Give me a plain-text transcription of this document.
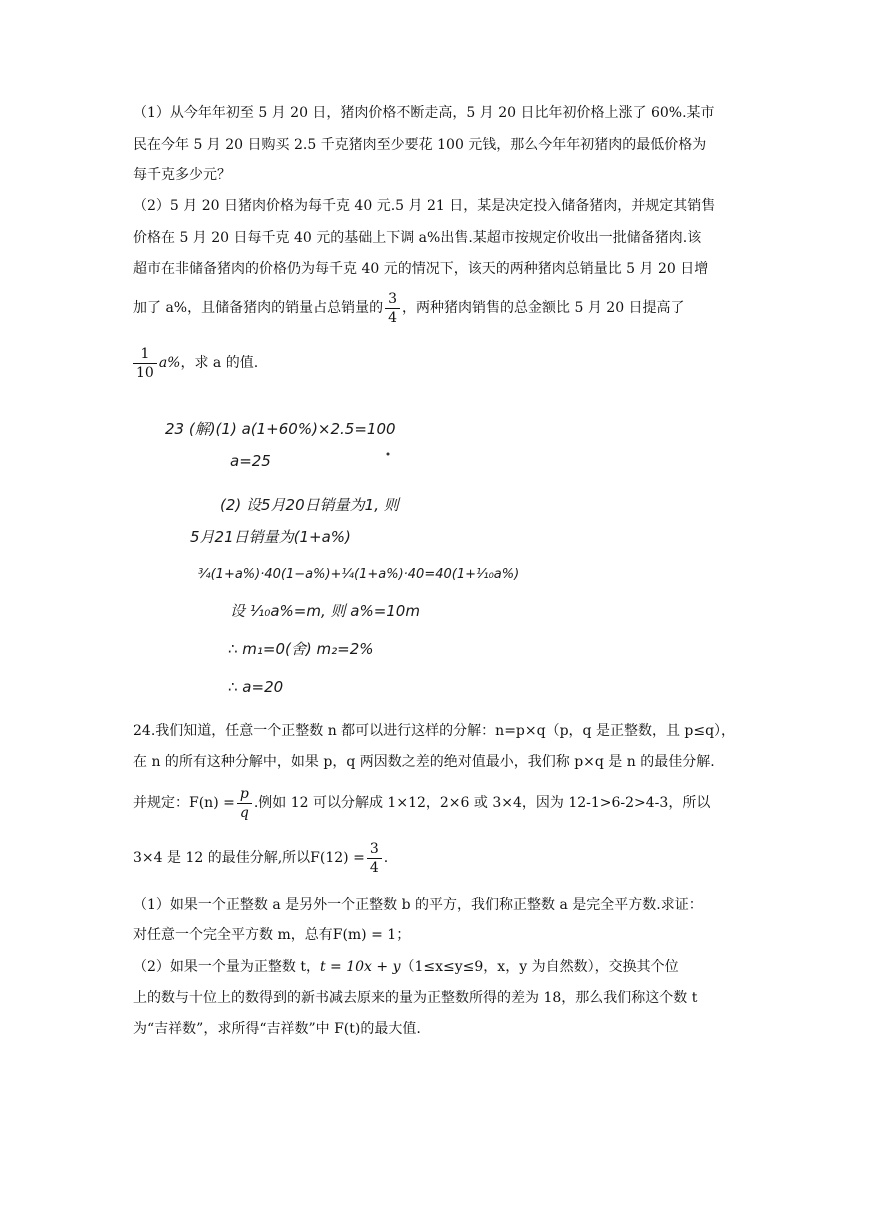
（1）从今年年初至 5 月 20 日，猪肉价格不断走高，5 月 20 日比年初价格上涨了 60%.某市
民在今年 5 月 20 日购买 2.5 千克猪肉至少要花 100 元钱，那么今年年初猪肉的最低价格为
每千克多少元？
（2）5 月 20 日猪肉价格为每千克 40 元.5 月 21 日，某是决定投入储备猪肉，并规定其销售
价格在 5 月 20 日每千克 40 元的基础上下调 a%出售.某超市按规定价收出一批储备猪肉.该
超市在非储备猪肉的价格仍为每千克 40 元的情况下，该天的两种猪肉总销量比 5 月 20 日增
加了 a%，且储备猪肉的销量占总销量的 $\frac{3}{4}$ ，两种猪肉销售的总金额比 5 月 20 日提高了
$\frac{1}{10} a\%$，求 a 的值.
23 (解)(1) a(1+60%)×2.5=100
a=25
(2) 设5月20日销量为1, 则
5月21日销量为(1+a%)
¾(1+a%)·40(1−a%)+¼(1+a%)·40=40(1+⅒a%)
设 ⅒a%=m, 则 a%=10m
∴ m₁=0(舍) m₂=2%
∴ a=20
24.我们知道，任意一个正整数 n 都可以进行这样的分解：n=p×q（p，q 是正整数，且 p≤q），
在 n 的所有这种分解中，如果 p，q 两因数之差的绝对值最小，我们称 p×q 是 n 的最佳分解.
并规定：$F(n) = \frac{p}{q}$ .例如 12 可以分解成 1×12，2×6 或 3×4，因为 12-1>6-2>4-3，所以
3×4 是 12 的最佳分解,所以$F(12) = \frac{3}{4}$ .
（1）如果一个正整数 a 是另外一个正整数 b 的平方，我们称正整数 a 是完全平方数.求证：
对任意一个完全平方数 m，总有F(m) = 1；
（2）如果一个量为正整数 t，t = 10x + y（1≤x≤y≤9，x，y 为自然数），交换其个位
上的数与十位上的数得到的新书减去原来的量为正整数所得的差为 18，那么我们称这个数 t
为“吉祥数”，求所得“吉祥数”中 F(t)的最大值.
